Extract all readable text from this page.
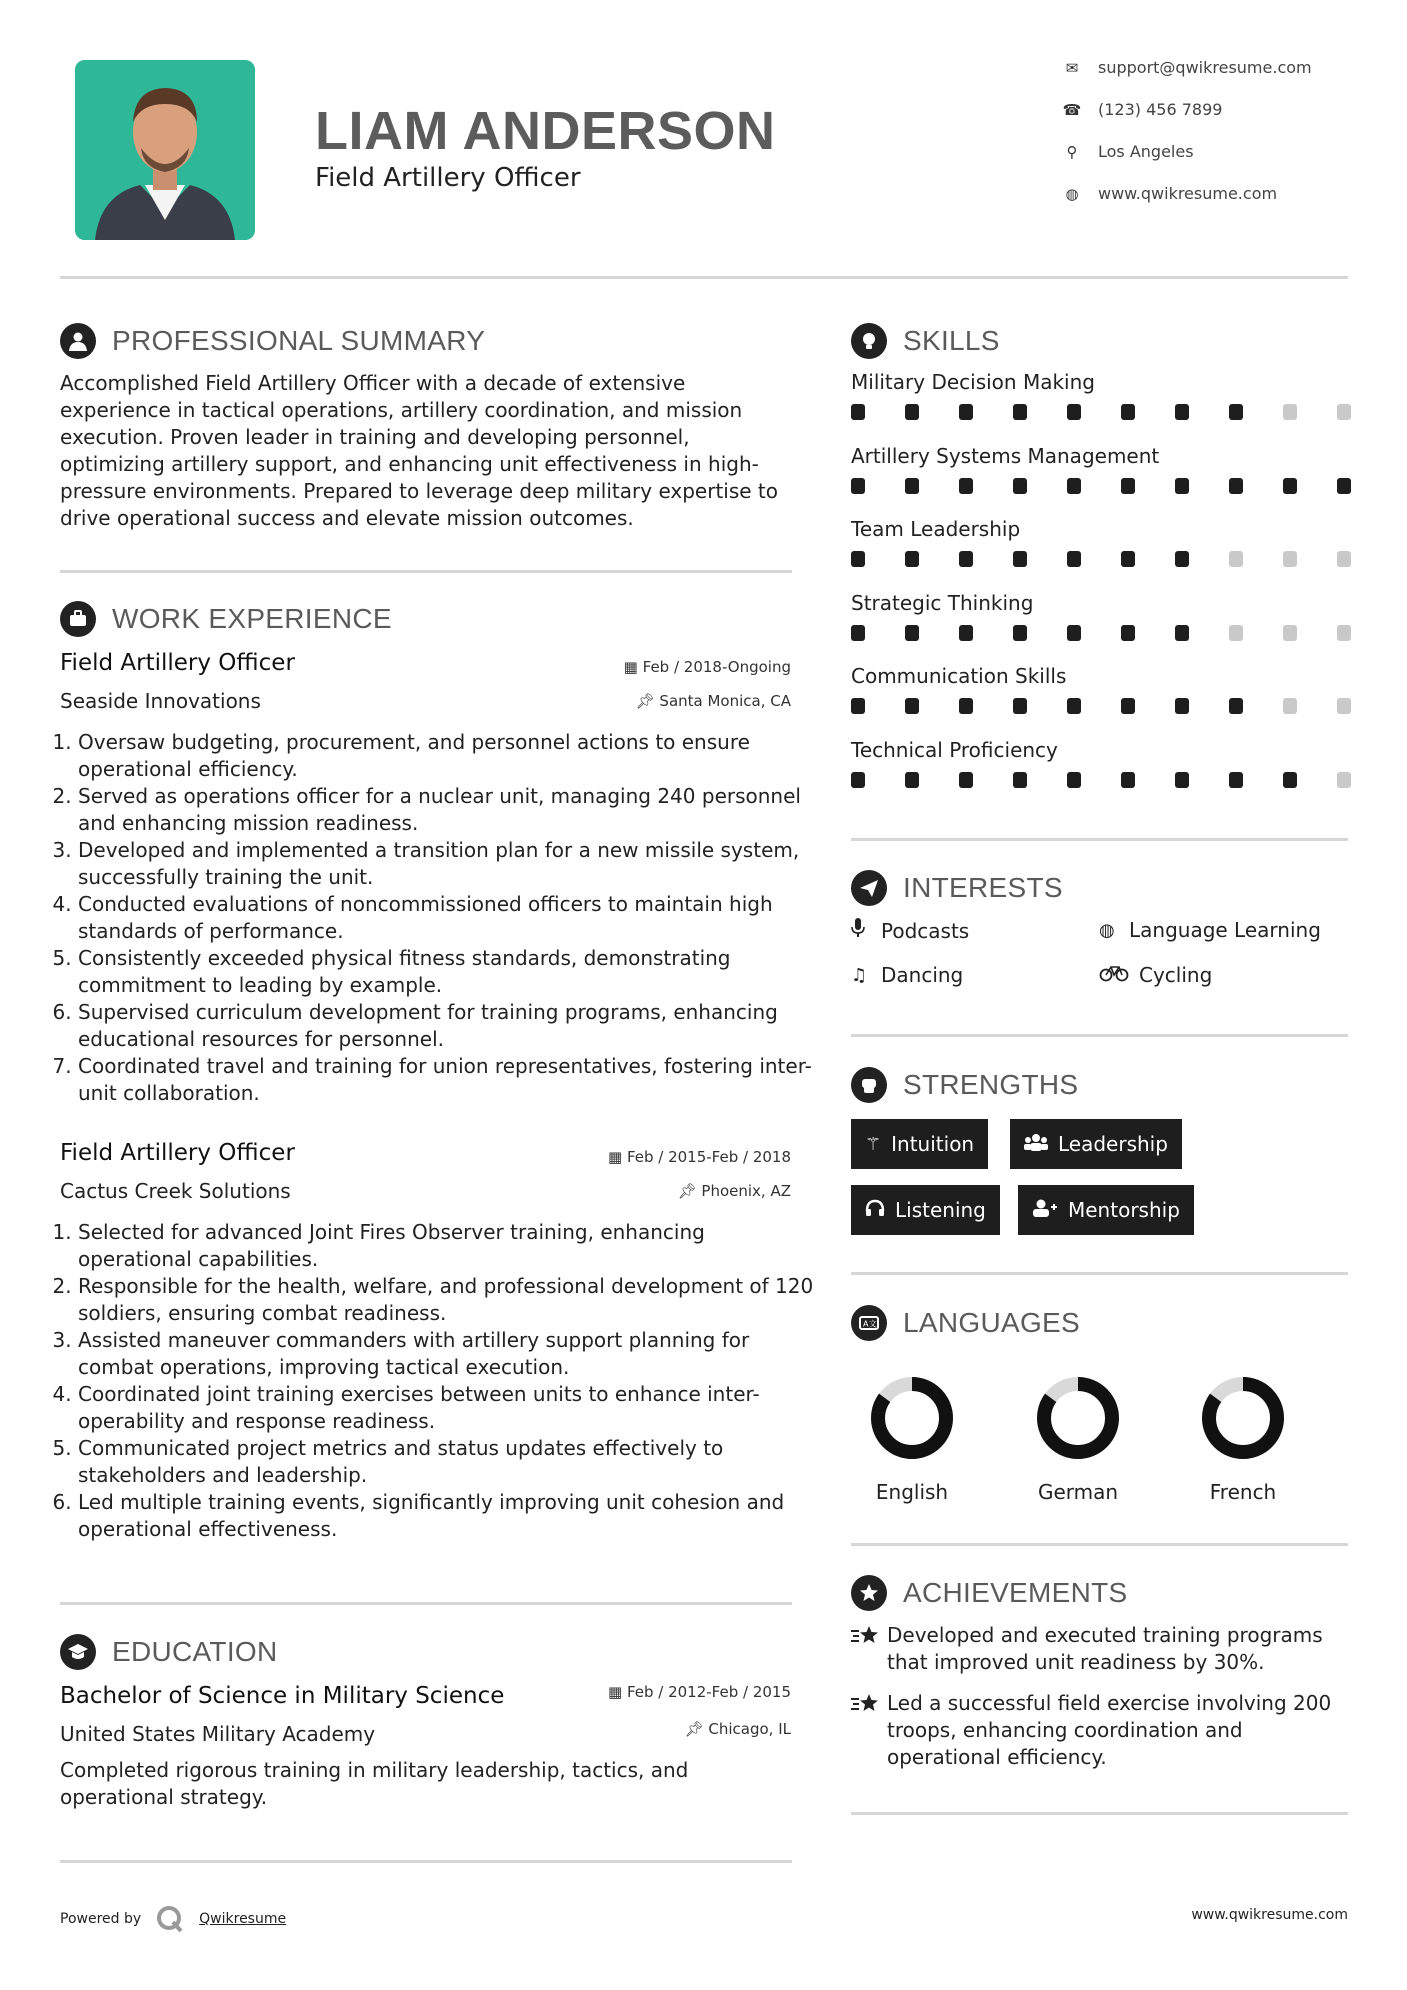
LIAM ANDERSON
Field Artillery Officer
✉ support@qwikresume.com
☎ (123) 456 7899
⚲ Los Angeles
◍ www.qwikresume.com
PROFESSIONAL SUMMARY
Accomplished Field Artillery Officer with a decade of extensive experience in tactical operations, artillery coordination, and mission execution. Proven leader in training and developing personnel, optimizing artillery support, and enhancing unit effectiveness in high-pressure environments. Prepared to leverage deep military expertise to drive operational success and elevate mission outcomes.
WORK EXPERIENCE
Field Artillery Officer	▦ Feb / 2018-Ongoing
Seaside Innovations	📌︎ Santa Monica, CA
1. Oversaw budgeting, procurement, and personnel actions to ensure operational efficiency.
2. Served as operations officer for a nuclear unit, managing 240 personnel and enhancing mission readiness.
3. Developed and implemented a transition plan for a new missile system, successfully training the unit.
4. Conducted evaluations of noncommissioned officers to maintain high standards of performance.
5. Consistently exceeded physical fitness standards, demonstrating commitment to leading by example.
6. Supervised curriculum development for training programs, enhancing educational resources for personnel.
7. Coordinated travel and training for union representatives, fostering inter-unit collaboration.
Field Artillery Officer	▦ Feb / 2015-Feb / 2018
Cactus Creek Solutions	📌︎ Phoenix, AZ
1. Selected for advanced Joint Fires Observer training, enhancing operational capabilities.
2. Responsible for the health, welfare, and professional development of 120 soldiers, ensuring combat readiness.
3. Assisted maneuver commanders with artillery support planning for combat operations, improving tactical execution.
4. Coordinated joint training exercises between units to enhance inter-operability and response readiness.
5. Communicated project metrics and status updates effectively to stakeholders and leadership.
6. Led multiple training events, significantly improving unit cohesion and operational effectiveness.
EDUCATION
Bachelor of Science in Military Science	▦ Feb / 2012-Feb / 2015
United States Military Academy	📌︎ Chicago, IL
Completed rigorous training in military leadership, tactics, and operational strategy.
SKILLS
Military Decision Making
Artillery Systems Management
Team Leadership
Strategic Thinking
Communication Skills
Technical Proficiency
INTERESTS
Podcasts	◍ Language Learning
♫ Dancing	Cycling
STRENGTHS
⚚ Intuition	Leadership
Listening	Mentorship
A文 LANGUAGES
English	German	French
ACHIEVEMENTS
Developed and executed training programs that improved unit readiness by 30%.
Led a successful field exercise involving 200 troops, enhancing coordination and operational efficiency.
Powered by	Qwikresume	www.qwikresume.com
